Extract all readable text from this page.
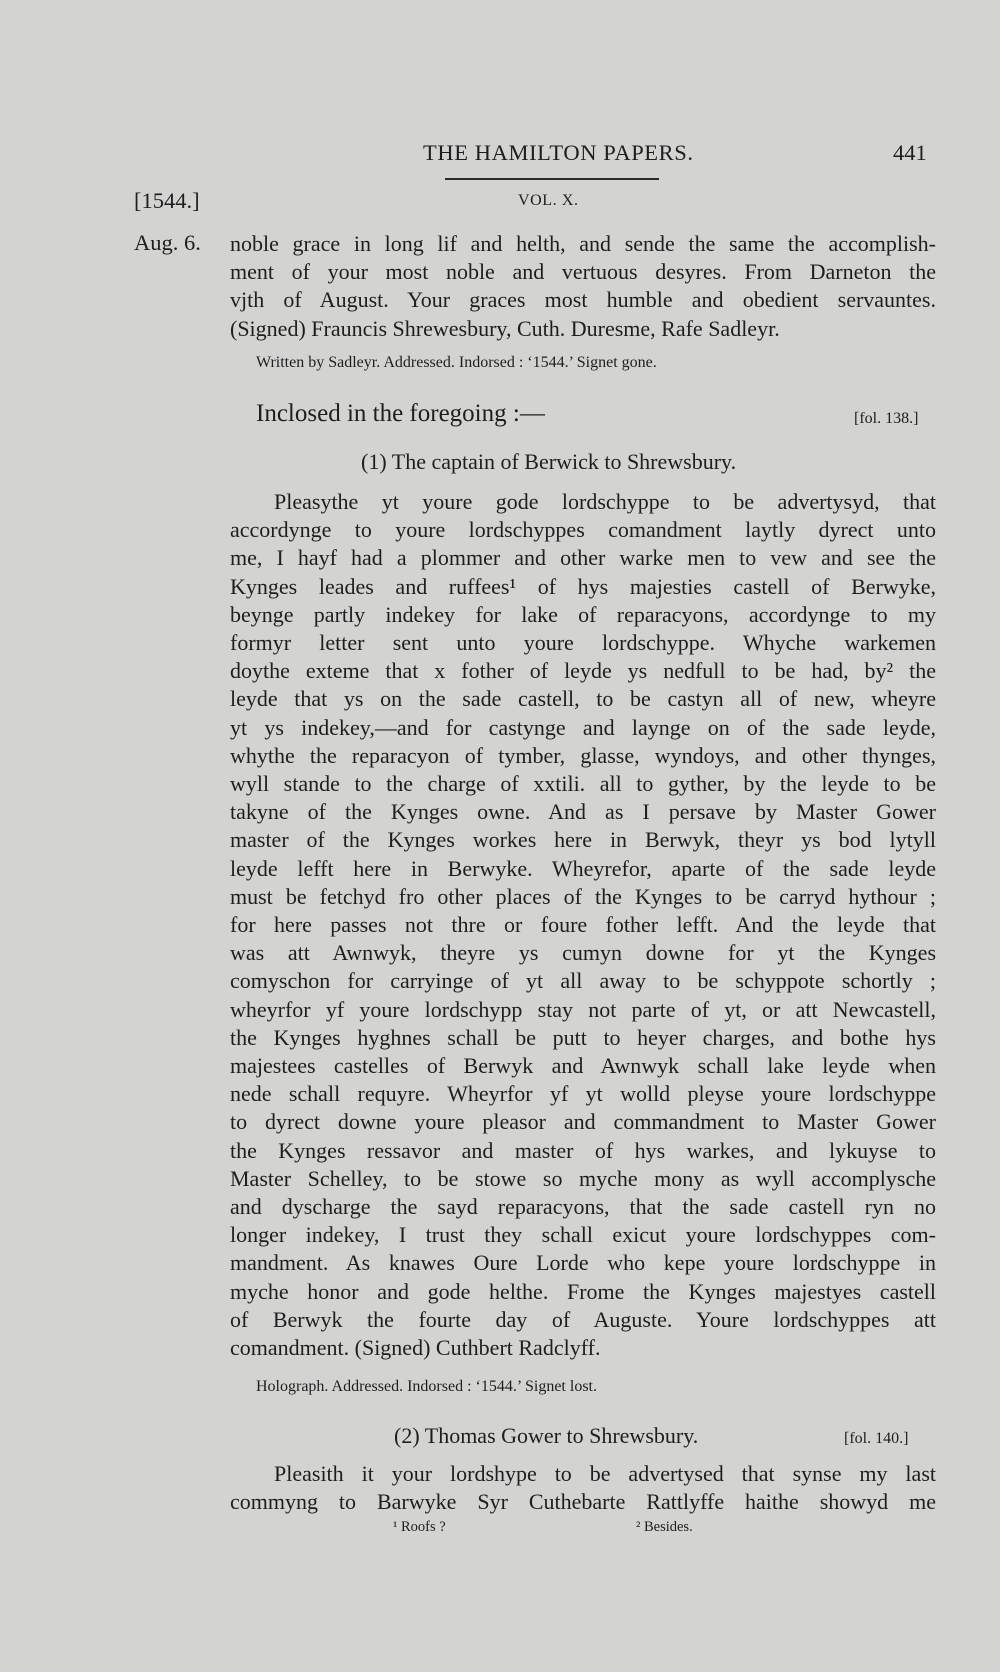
THE HAMILTON PAPERS.	441
[1544.]	VOL. X.
Aug. 6. noble grace in long lif and helth, and sende the same the accomplish-
ment of your most noble and vertuous desyres. From Darneton the
vjth of August. Your graces most humble and obedient servauntes.
(Signed) Frauncis Shrewesbury, Cuth. Duresme, Rafe Sadleyr.
Written by Sadleyr. Addressed. Indorsed : ‘1544.’ Signet gone.
Inclosed in the foregoing :—	[fol. 138.]
(1) The captain of Berwick to Shrewsbury.
Pleasythe yt youre gode lordschyppe to be advertysyd, that
accordynge to youre lordschyppes comandment laytly dyrect unto
me, I hayf had a plommer and other warke men to vew and see the
Kynges leades and ruffees¹ of hys majesties castell of Berwyke,
beynge partly indekey for lake of reparacyons, accordynge to my
formyr letter sent unto youre lordschyppe. Whyche warkemen
doythe exteme that x fother of leyde ys nedfull to be had, by² the
leyde that ys on the sade castell, to be castyn all of new, wheyre
yt ys indekey,—and for castynge and laynge on of the sade leyde,
whythe the reparacyon of tymber, glasse, wyndoys, and other thynges,
wyll stande to the charge of xxtili. all to gyther, by the leyde to be
takyne of the Kynges owne. And as I persave by Master Gower
master of the Kynges workes here in Berwyk, theyr ys bod lytyll
leyde lefft here in Berwyke. Wheyrefor, aparte of the sade leyde
must be fetchyd fro other places of the Kynges to be carryd hythour ;
for here passes not thre or foure fother lefft. And the leyde that
was att Awnwyk, theyre ys cumyn downe for yt the Kynges
comyschon for carryinge of yt all away to be schyppote schortly ;
wheyrfor yf youre lordschypp stay not parte of yt, or att Newcastell,
the Kynges hyghnes schall be putt to heyer charges, and bothe hys
majestees castelles of Berwyk and Awnwyk schall lake leyde when
nede schall requyre. Wheyrfor yf yt wolld pleyse youre lordschyppe
to dyrect downe youre pleasor and commandment to Master Gower
the Kynges ressavor and master of hys warkes, and lykuyse to
Master Schelley, to be stowe so myche mony as wyll accomplysche
and dyscharge the sayd reparacyons, that the sade castell ryn no
longer indekey, I trust they schall exicut youre lordschyppes com-
mandment. As knawes Oure Lorde who kepe youre lordschyppe in
myche honor and gode helthe. Frome the Kynges majestyes castell
of Berwyk the fourte day of Auguste. Youre lordschyppes att
comandment. (Signed) Cuthbert Radclyff.
Holograph. Addressed. Indorsed : ‘1544.’ Signet lost.
(2) Thomas Gower to Shrewsbury.	[fol. 140.]
Pleasith it your lordshype to be advertysed that synse my last
commyng to Barwyke Syr Cuthebarte Rattlyffe haithe showyd me
¹ Roofs ?	² Besides.
